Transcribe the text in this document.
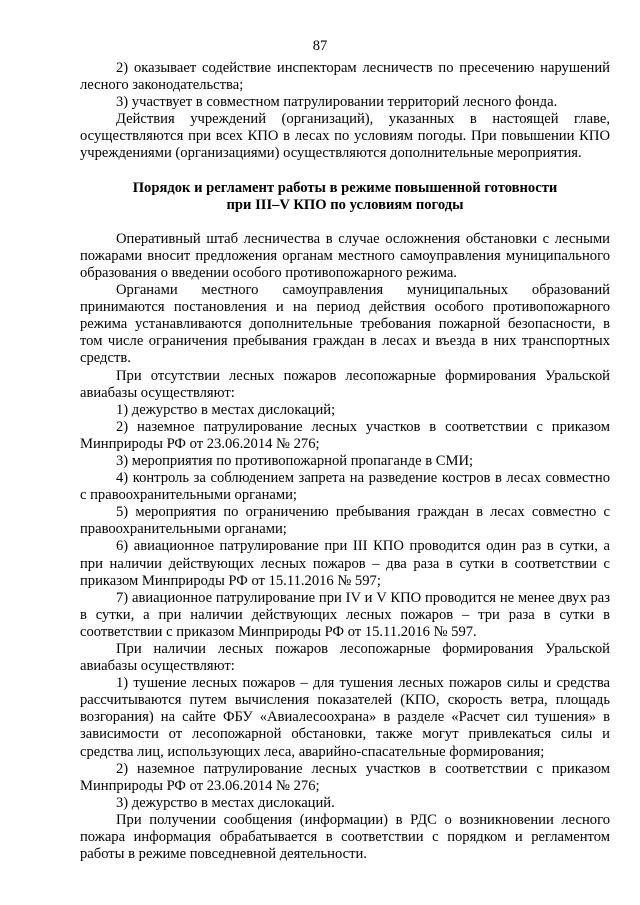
87

2) оказывает содействие инспекторам лесничеств по пресечению нарушений лесного законодательства;

3) участвует в совместном патрулировании территорий лесного фонда.

Действия учреждений (организаций), указанных в настоящей главе, осуществляются при всех КПО в лесах по условиям погоды. При повышении КПО учреждениями (организациями) осуществляются дополнительные мероприятия.

Порядок и регламент работы в режиме повышенной готовности

при III–V КПО по условиям погоды

Оперативный штаб лесничества в случае осложнения обстановки с лесными пожарами вносит предложения органам местного самоуправления муниципального образования о введении особого противопожарного режима.

Органами местного самоуправления муниципальных образований принимаются постановления и на период действия особого противопожарного режима устанавливаются дополнительные требования пожарной безопасности, в том числе ограничения пребывания граждан в лесах и въезда в них транспортных средств.

При отсутствии лесных пожаров лесопожарные формирования Уральской авиабазы осуществляют:

1) дежурство в местах дислокаций;

2) наземное патрулирование лесных участков в соответствии с приказом Минприроды РФ от 23.06.2014 № 276;

3) мероприятия по противопожарной пропаганде в СМИ;

4) контроль за соблюдением запрета на разведение костров в лесах совместно с правоохранительными органами;

5) мероприятия по ограничению пребывания граждан в лесах совместно с правоохранительными органами;

6) авиационное патрулирование при III КПО проводится один раз в сутки, а при наличии действующих лесных пожаров – два раза в сутки в соответствии с приказом Минприроды РФ от 15.11.2016 № 597;

7) авиационное патрулирование при IV и V КПО проводится не менее двух раз в сутки, а при наличии действующих лесных пожаров – три раза в сутки в соответствии с приказом Минприроды РФ от 15.11.2016 № 597.

При наличии лесных пожаров лесопожарные формирования Уральской авиабазы осуществляют:

1) тушение лесных пожаров – для тушения лесных пожаров силы и средства рассчитываются путем вычисления показателей (КПО, скорость ветра, площадь возгорания) на сайте ФБУ «Авиалесоохрана» в разделе «Расчет сил тушения» в зависимости от лесопожарной обстановки, также могут привлекаться силы и средства лиц, использующих леса, аварийно-спасательные формирования;

2) наземное патрулирование лесных участков в соответствии с приказом Минприроды РФ от 23.06.2014 № 276;

3) дежурство в местах дислокаций.

При получении сообщения (информации) в РДС о возникновении лесного пожара информация обрабатывается в соответствии с порядком и регламентом работы в режиме повседневной деятельности.
